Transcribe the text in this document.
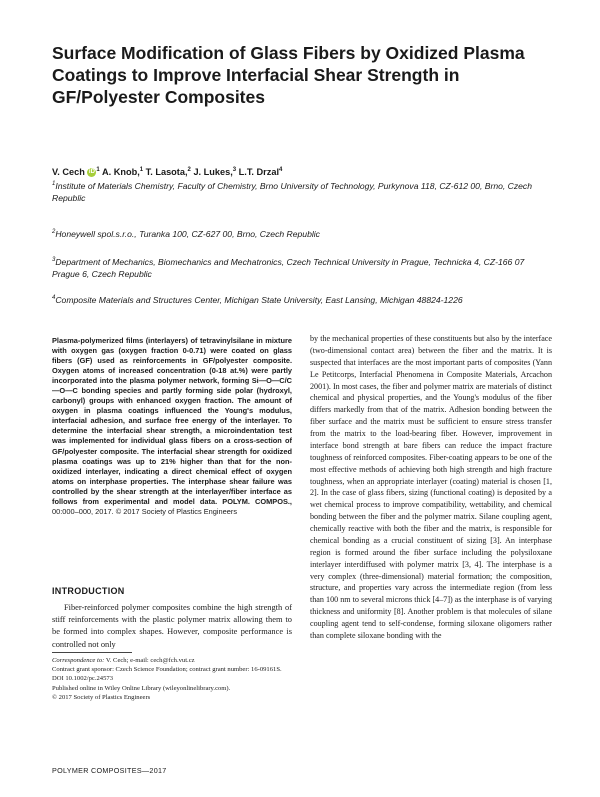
Surface Modification of Glass Fibers by Oxidized Plasma Coatings to Improve Interfacial Shear Strength in GF/Polyester Composites
V. Cech iD $^1$ A. Knob,$^1$ T. Lasota,$^2$ J. Lukes,$^3$ L.T. Drzal$^4$
$^1$Institute of Materials Chemistry, Faculty of Chemistry, Brno University of Technology, Purkynova 118, CZ-612 00, Brno, Czech Republic
$^2$Honeywell spol.s.r.o., Turanka 100, CZ-627 00, Brno, Czech Republic
$^3$Department of Mechanics, Biomechanics and Mechatronics, Czech Technical University in Prague, Technicka 4, CZ-166 07 Prague 6, Czech Republic
$^4$Composite Materials and Structures Center, Michigan State University, East Lansing, Michigan 48824-1226

Plasma-polymerized films (interlayers) of tetravinylsilane in mixture with oxygen gas (oxygen fraction 0-0.71) were coated on glass fibers (GF) used as reinforcements in GF/polyester composite. Oxygen atoms of increased concentration (0-18 at.%) were partly incorporated into the plasma polymer network, forming Si—O—C/C—O—C bonding species and partly forming side polar (hydroxyl, carbonyl) groups with enhanced oxygen fraction. The amount of oxygen in plasma coatings influenced the Young's modulus, interfacial adhesion, and surface free energy of the interlayer. To determine the interfacial shear strength, a microindentation test was implemented for individual glass fibers on a cross-section of GF/polyester composite. The interfacial shear strength for oxidized plasma coatings was up to 21% higher than that for the non-oxidized interlayer, indicating a direct chemical effect of oxygen atoms on interphase properties. The interphase shear failure was controlled by the shear strength at the interlayer/fiber interface as follows from experimental and model data. POLYM. COMPOS., 00:000–000, 2017. © 2017 Society of Plastics Engineers

INTRODUCTION

Fiber-reinforced polymer composites combine the high strength of stiff reinforcements with the plastic polymer matrix allowing them to be formed into complex shapes. However, composite performance is controlled not only

Correspondence to: V. Cech; e-mail: cech@fch.vut.cz
Contract grant sponsor: Czech Science Foundation; contract grant number: 16-09161S.
DOI 10.1002/pc.24573
Published online in Wiley Online Library (wileyonlinelibrary.com).
© 2017 Society of Plastics Engineers

by the mechanical properties of these constituents but also by the interface (two-dimensional contact area) between the fiber and the matrix. It is suspected that interfaces are the most important parts of composites (Yann Le Petitcorps, Interfacial Phenomena in Composite Materials, Arcachon 2001). In most cases, the fiber and polymer matrix are materials of distinct chemical and physical properties, and the Young's modulus of the fiber differs markedly from that of the matrix. Adhesion bonding between the fiber surface and the matrix must be sufficient to ensure stress transfer from the matrix to the load-bearing fiber. However, improvement in interface bond strength at bare fibers can reduce the impact fracture toughness of reinforced composites. Fiber-coating appears to be one of the most effective methods of achieving both high strength and high fracture toughness, when an appropriate interlayer (coating) material is chosen [1, 2]. In the case of glass fibers, sizing (functional coating) is deposited by a wet chemical process to improve compatibility, wettability, and chemical bonding between the fiber and the polymer matrix. Silane coupling agent, chemically reactive with both the fiber and the matrix, is responsible for chemical bonding as a crucial constituent of sizing [3]. An interphase region is formed around the fiber surface including the polysiloxane interlayer interdiffused with polymer matrix [3, 4]. The interphase is a very complex (three-dimensional) material formation; the composition, structure, and properties vary across the intermediate region (from less than 100 nm to several microns thick [4–7]) as the interphase is of varying thickness and uniformity [8]. Another problem is that molecules of silane coupling agent tend to self-condense, forming siloxane oligomers rather than complete siloxane bonding with the

POLYMER COMPOSITES—2017
